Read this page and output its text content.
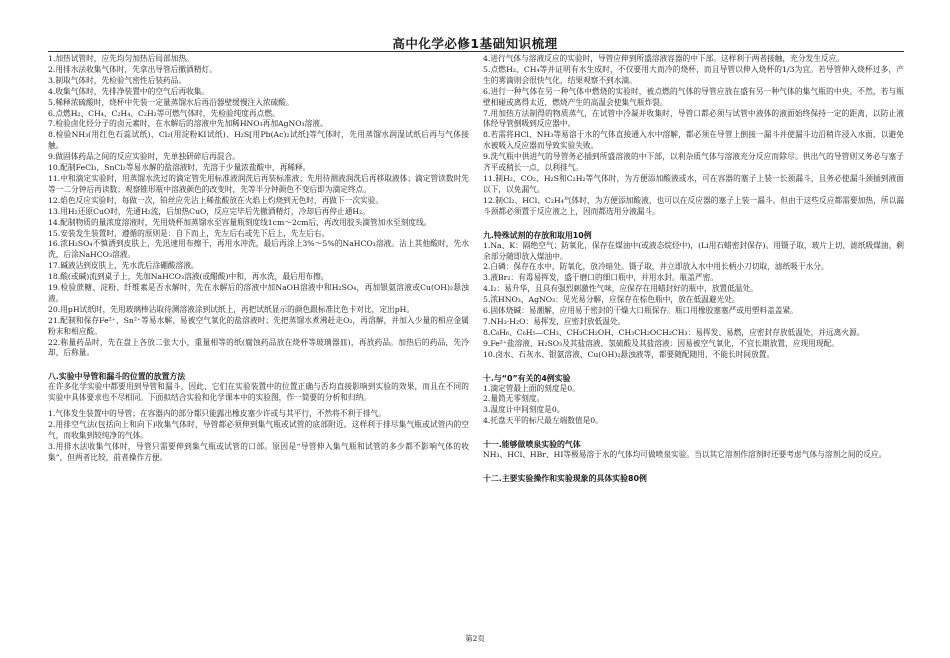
高中化学必修1基础知识梳理

1.加热试管时，应先均匀加热后局部加热。

2.用排水法收集气体时，先拿出导管后撤酒精灯。

3.制取气体时，先检验气密性后装药品。

4.收集气体时，先排净装置中的空气后再收集。

5.稀释浓硫酸时，烧杯中先装一定量蒸馏水后再沿器壁缓慢注入浓硫酸。

6.点燃H₂、CH₄、C₂H₄、C₂H₂等可燃气体时，先检验纯度再点燃。

7.检验卤化烃分子的卤元素时，在水解后的溶液中先加稀HNO₃再加AgNO₃溶液。

8.检验NH₃(用红色石蕊试纸)、Cl₂(用淀粉KI试纸)、H₂S[用Pb(Ac)₂试纸]等气体时，先用蒸馏水润湿试纸后再与气体接触。

9.做固体药品之间的反应实验时，先单独研碎后再混合。

10.配制FeCl₃，SnCl₂等易水解的盐溶液时，先溶于少量浓盐酸中，再稀释。

11.中和滴定实验时，用蒸馏水洗过的滴定管先用标准液润洗后再装标准液；先用待测液润洗后再移取液体；滴定管读数时先等一二分钟后再读数；观察锥形瓶中溶液颜色的改变时，先等半分钟颜色不变后即为滴定终点。

12.焰色反应实验时，每做一次，铂丝应先沾上稀盐酸放在火焰上灼烧到无色时，再做下一次实验。

13.用H₂还原CuO时，先通H₂流，后加热CuO，反应完毕后先撤酒精灯，冷却后再停止通H₂。

14.配制物质的量浓度溶液时，先用烧杯加蒸馏水至容量瓶刻度线1cm～2cm后，再改用胶头滴管加水至刻度线。

15.安装发生装置时，遵循的原则是：自下而上，先左后右或先下后上，先左后右。

16.浓H₂SO₄不慎洒到皮肤上，先迅速用布擦干，再用水冲洗，最后再涂上3%～5%的NaHCO₃溶液。沾上其他酸时，先水洗，后涂NaHCO₃溶液。

17.碱液沾到皮肤上，先水洗后涂硼酸溶液。

18.酸(或碱)流到桌子上，先加NaHCO₃溶液(或醋酸)中和，再水洗，最后用布擦。

19.检验蔗糖、淀粉、纤维素是否水解时，先在水解后的溶液中加NaOH溶液中和H₂SO₄，再加银氨溶液或Cu(OH)₂悬浊液。

20.用pH试纸时，先用玻璃棒沾取待测溶液涂到试纸上，再把试纸显示的颜色跟标准比色卡对比，定出pH。

21.配制和保存Fe²⁺、Sn²⁺等易水解、易被空气氧化的盐溶液时；先把蒸馏水煮沸赶走O₂，再溶解，并加入少量的相应金属粉末和相应酸。

22.称量药品时，先在盘上各放二张大小，重量相等的纸(腐蚀药品放在烧杯等玻璃器皿)，再放药品。加热后的药品，先冷却，后称量。

八.实验中导管和漏斗的位置的放置方法

在许多化学实验中都要用到导管和漏斗，因此，它们在实验装置中的位置正确与否均直接影响到实验的效果，而且在不同的实验中具体要求也不尽相同。下面拟结合实验和化学课本中的实验图，作一简要的分析和归纳。

1.气体发生装置中的导管；在容器内的部分都只能露出橡皮塞少许或与其平行，不然将不利于排气。

2.用排空气法(包括向上和向下)收集气体时，导管都必须伸到集气瓶或试管的底部附近。这样利于排尽集气瓶或试管内的空气，而收集到较纯净的气体。

3.用排水法收集气体时，导管只需要伸到集气瓶或试管的口部。原因是“导管伸入集气瓶和试管的多少都不影响气体的收集”，但两者比较，前者操作方便。

4.进行气体与溶液反应的实验时，导管应伸到所盛溶液容器的中下部。这样利于两者接触，充分发生反应。

5.点燃H₂、CH₄等并证明有水生成时，不仅要用大而冷的烧杯，而且导管以伸入烧杯的1/3为宜。若导管伸入烧杯过多，产生的雾滴则会很快气化，结果观察不到水滴。

6.进行一种气体在另一种气体中燃烧的实验时，被点燃的气体的导管应放在盛有另一种气体的集气瓶的中央。不然，若与瓶壁相碰或离得太近，燃烧产生的高温会使集气瓶炸裂。

7.用加热方法制得的物质蒸气，在试管中冷凝并收集时，导管口都必须与试管中液体的液面始终保持一定的距离，以防止液体经导管倒吸到反应器中。

8.若需将HCl、NH₃等易溶于水的气体直接通入水中溶解，都必须在导管上倒接一漏斗并使漏斗边沿稍许浸入水面，以避免水被吸入反应器而导致实验失败。

9.洗气瓶中供进气的导管务必插到所盛溶液的中下部，以利杂质气体与溶液充分反应而除尽。供出气的导管则又务必与塞子齐平或稍长一点，以利排气。

11.制H₂、CO₂、H₂S和C₂H₂等气体时，为方便添加酸液或水，可在容器的塞子上装一长颈漏斗，且务必使漏斗颈插到液面以下，以免漏气。

12.制Cl₂、HCl、C₂H₄气体时，为方便添加酸液，也可以在反应器的塞子上装一漏斗。但由于这些反应都需要加热，所以漏斗颈都必须置于反应液之上，因而都选用分液漏斗。

九.特殊试剂的存放和取用10例

1.Na、K：隔绝空气；防氧化，保存在煤油中(或液态烷烃中)，(Li用石蜡密封保存)。用镊子取，玻片上切，滤纸吸煤油，剩余部分随即放入煤油中。

2.白磷：保存在水中，防氧化，放冷暗处。镊子取，并立即放入水中用长柄小刀切取，滤纸吸干水分。

3.液Br₂：有毒易挥发，盛于磨口的细口瓶中，并用水封。瓶盖严密。

4.I₂：易升华，且具有强烈刺激性气味，应保存在用蜡封好的瓶中，放置低温处。

5.浓HNO₃、AgNO₃：见光易分解，应保存在棕色瓶中，放在低温避光处。

6.固体烧碱：易潮解，应用易于密封的干燥大口瓶保存。瓶口用橡胶塞塞严或用塑料盖盖紧。

7.NH₃·H₂O：易挥发，应密封放低温处。

8.C₆H₆、C₆H₅—CH₃、CH₃CH₂OH、CH₃CH₂OCH₂CH₃：易挥发、易燃，应密封存放低温处，并远离火源。

9.Fe²⁺盐溶液、H₂SO₃及其盐溶液、氢硫酸及其盐溶液：因易被空气氧化，不宜长期放置，应现用现配。

10.卤水、石灰水、银氨溶液、Cu(OH)₂悬浊液等，都要随配随用，不能长时间放置。

十.与“0”有关的4例实验

1.滴定管最上面的刻度是0。

2.量筒无零刻度。

3.温度计中间刻度是0。

4.托盘天平的标尺最左端数值是0。

十一.能够做喷泉实验的气体

NH₃、HCl、HBr、HI等极易溶于水的气体均可做喷泉实验。当以其它溶剂作溶剂时还要考虑气体与溶剂之间的反应。

十二.主要实验操作和实验现象的具体实验80例

第2页
